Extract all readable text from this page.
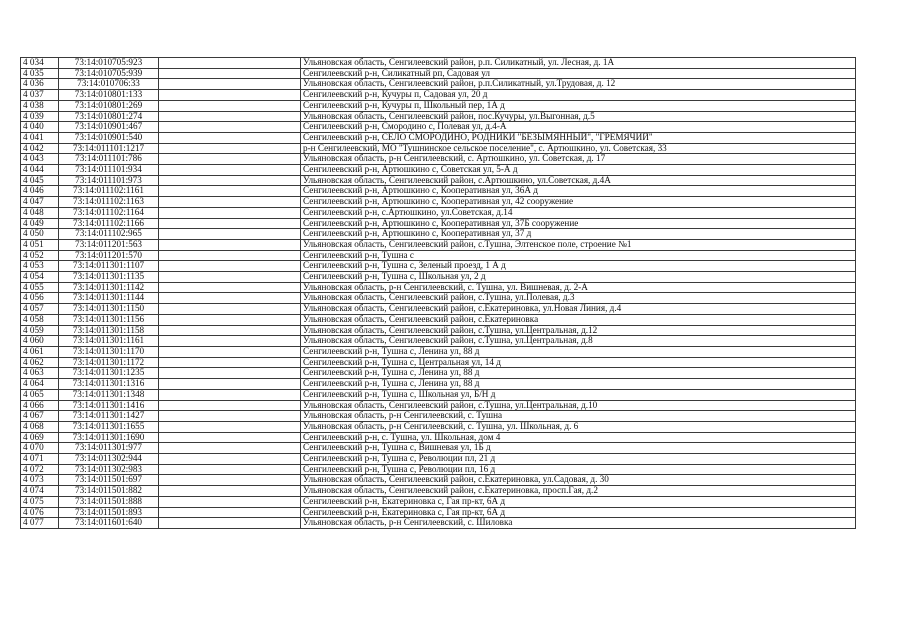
4 034	73:14:010705:923		Ульяновская область, Сенгилеевский район, р.п. Силикатный, ул. Лесная, д. 1А
4 035	73:14:010705:939		Сенгилеевский р-н, Силикатный рп, Садовая ул
4 036	73:14:010706:33		Ульяновская область, Сенгилеевский район, р.п.Силикатный, ул.Трудовая, д. 12
4 037	73:14:010801:133		Сенгилеевский р-н, Кучуры п, Садовая ул, 20 д
4 038	73:14:010801:269		Сенгилеевский р-н, Кучуры п, Школьный пер, 1А д
4 039	73:14:010801:274		Ульяновская область, Сенгилеевский район, пос.Кучуры, ул.Выгонная, д.5
4 040	73:14:010901:467		Сенгилеевский р-н, Смородино с, Полевая ул, д.4-А
4 041	73:14:010901:540		Сенгилеевский р-н, СЕЛО СМОРОДИНО, РОДНИКИ "БЕЗЫМЯННЫЙ", "ГРЕМЯЧИЙ"
4 042	73:14:011101:1217		р-н Сенгилеевский, МО "Тушнинское сельское поселение", с. Артюшкино, ул. Советская, 33
4 043	73:14:011101:786		Ульяновская область, р-н Сенгилеевский, с. Артюшкино, ул. Советская, д. 17
4 044	73:14:011101:934		Сенгилеевский р-н, Артюшкино с, Советская ул, 5-А д
4 045	73:14:011101:973		Ульяновская область, Сенгилеевский район, с.Артюшкино, ул.Советская, д.4А
4 046	73:14:011102:1161		Сенгилеевский р-н, Артюшкино с, Кооперативная ул, 36А д
4 047	73:14:011102:1163		Сенгилеевский р-н, Артюшкино с, Кооперативная ул, 42 сооружение
4 048	73:14:011102:1164		Сенгилеевский р-н, с.Артюшкино, ул.Советская, д.14
4 049	73:14:011102:1166		Сенгилеевский р-н, Артюшкино с, Кооперативная ул, 37Б сооружение
4 050	73:14:011102:965		Сенгилеевский р-н, Артюшкино с, Кооперативная ул, 37 д
4 051	73:14:011201:563		Ульяновская область, Сенгилеевский район, с.Тушна, Элтенское поле, строение №1
4 052	73:14:011201:570		Сенгилеевский р-н, Тушна с
4 053	73:14:011301:1107		Сенгилеевский р-н, Тушна с, Зеленый проезд, 1 А д
4 054	73:14:011301:1135		Сенгилеевский р-н, Тушна с, Школьная ул, 2 д
4 055	73:14:011301:1142		Ульяновская область, р-н Сенгилеевский, с. Тушна, ул. Вишневая, д. 2-А
4 056	73:14:011301:1144		Ульяновская область, Сенгилеевский район, с.Тушна, ул.Полевая, д.3
4 057	73:14:011301:1150		Ульяновская область, Сенгилеевский район, с.Екатериновка, ул.Новая Линия, д.4
4 058	73:14:011301:1156		Ульяновская область, Сенгилеевский район, с.Екатериновка
4 059	73:14:011301:1158		Ульяновская область, Сенгилеевский район, с.Тушна, ул.Центральная, д.12
4 060	73:14:011301:1161		Ульяновская область, Сенгилеевский район, с.Тушна, ул.Центральная, д.8
4 061	73:14:011301:1170		Сенгилеевский р-н, Тушна с, Ленина ул, 88 д
4 062	73:14:011301:1172		Сенгилеевский р-н, Тушна с, Центральная ул, 14 д
4 063	73:14:011301:1235		Сенгилеевский р-н, Тушна с, Ленина ул, 88 д
4 064	73:14:011301:1316		Сенгилеевский р-н, Тушна с, Ленина ул, 88 д
4 065	73:14:011301:1348		Сенгилеевский р-н, Тушна с, Школьная ул, Б/Н д
4 066	73:14:011301:1416		Ульяновская область, Сенгилеевский район, с.Тушна, ул.Центральная, д.10
4 067	73:14:011301:1427		Ульяновская область, р-н Сенгилеевский, с. Тушна
4 068	73:14:011301:1655		Ульяновская область, р-н Сенгилеевский, с. Тушна, ул. Школьная, д. 6
4 069	73:14:011301:1690		Сенгилеевский р-н, с. Тушна, ул. Школьная, дом 4
4 070	73:14:011301:977		Сенгилеевский р-н, Тушна с, Вишневая ул, 1Б д
4 071	73:14:011302:944		Сенгилеевский р-н, Тушна с, Революции пл, 21 д
4 072	73:14:011302:983		Сенгилеевский р-н, Тушна с, Революции пл, 16 д
4 073	73:14:011501:697		Ульяновская область, Сенгилеевский район, с.Екатериновка, ул.Садовая, д. 30
4 074	73:14:011501:882		Ульяновская область, Сенгилеевский район, с.Екатериновка, просп.Гая, д.2
4 075	73:14:011501:888		Сенгилеевский р-н, Екатериновка с, Гая пр-кт, 6А д
4 076	73:14:011501:893		Сенгилеевский р-н, Екатериновка с, Гая пр-кт, 6А д
4 077	73:14:011601:640		Ульяновская область, р-н Сенгилеевский, с. Шиловка
